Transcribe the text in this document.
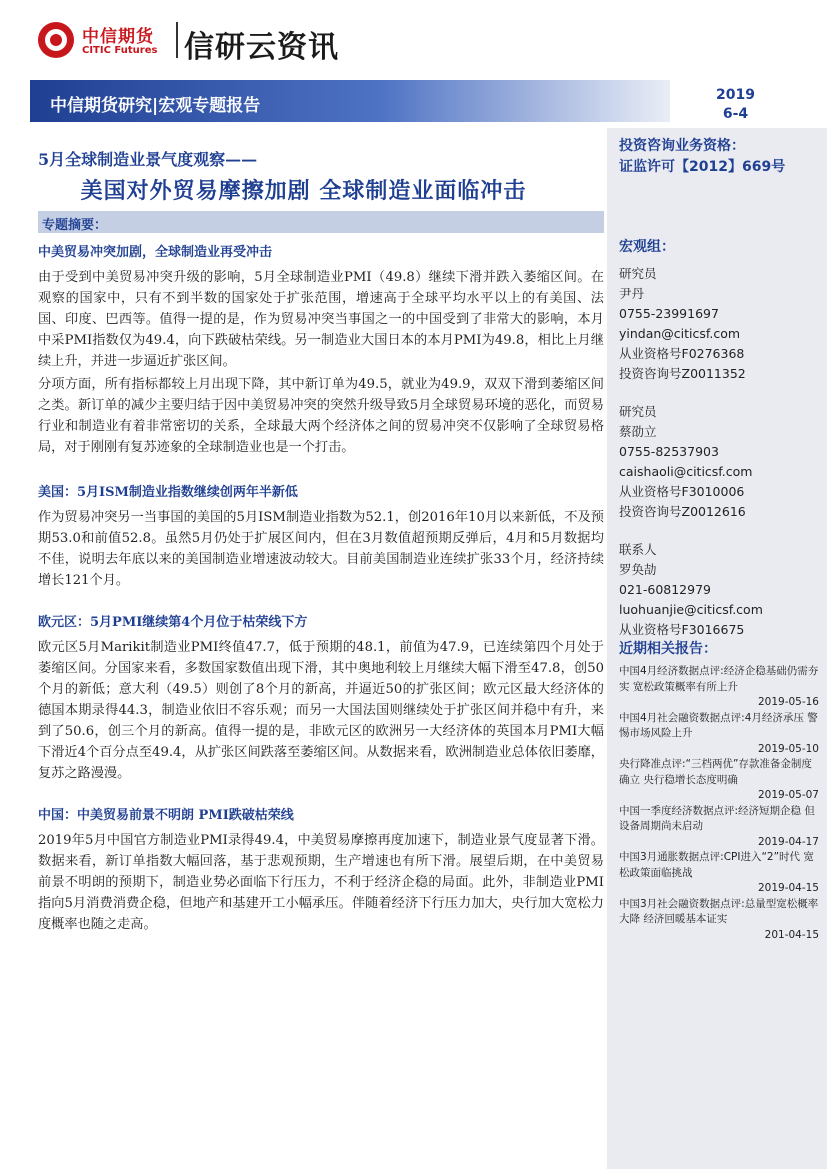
中信期货
CITIC Futures 信研云资讯
中信期货研究|宏观专题报告
2019
6-4
5月全球制造业景气度观察——
美国对外贸易摩擦加剧 全球制造业面临冲击
专题摘要：
中美贸易冲突加剧，全球制造业再受冲击

由于受到中美贸易冲突升级的影响，5月全球制造业PMI（49.8）继续下滑并跌入萎缩区间。在观察的国家中，只有不到半数的国家处于扩张范围，增速高于全球平均水平以上的有美国、法国、印度、巴西等。值得一提的是，作为贸易冲突当事国之一的中国受到了非常大的影响，本月中采PMI指数仅为49.4，向下跌破枯荣线。另一制造业大国日本的本月PMI为49.8，相比上月继续上升，并进一步逼近扩张区间。

分项方面，所有指标都较上月出现下降，其中新订单为49.5，就业为49.9，双双下滑到萎缩区间之类。新订单的减少主要归结于因中美贸易冲突的突然升级导致5月全球贸易环境的恶化，而贸易行业和制造业有着非常密切的关系，全球最大两个经济体之间的贸易冲突不仅影响了全球贸易格局，对于刚刚有复苏迹象的全球制造业也是一个打击。

美国：5月ISM制造业指数继续创两年半新低

作为贸易冲突另一当事国的美国的5月ISM制造业指数为52.1，创2016年10月以来新低，不及预期53.0和前值52.8。虽然5月仍处于扩展区间内，但在3月数值超预期反弹后，4月和5月数据均不佳，说明去年底以来的美国制造业增速波动较大。目前美国制造业连续扩张33个月，经济持续增长121个月。

欧元区：5月PMI继续第4个月位于枯荣线下方

欧元区5月Marikit制造业PMI终值47.7，低于预期的48.1，前值为47.9，已连续第四个月处于萎缩区间。分国家来看，多数国家数值出现下滑，其中奥地利较上月继续大幅下滑至47.8，创50个月的新低；意大利（49.5）则创了8个月的新高，并逼近50的扩张区间；欧元区最大经济体的德国本期录得44.3，制造业依旧不容乐观；而另一大国法国则继续处于扩张区间并稳中有升，来到了50.6，创三个月的新高。值得一提的是，非欧元区的欧洲另一大经济体的英国本月PMI大幅下滑近4个百分点至49.4，从扩张区间跌落至萎缩区间。从数据来看，欧洲制造业总体依旧萎靡，复苏之路漫漫。

中国：中美贸易前景不明朗 PMI跌破枯荣线

2019年5月中国官方制造业PMI录得49.4，中美贸易摩擦再度加速下，制造业景气度显著下滑。数据来看，新订单指数大幅回落，基于悲观预期，生产增速也有所下滑。展望后期，在中美贸易前景不明朗的预期下，制造业势必面临下行压力，不利于经济企稳的局面。此外，非制造业PMI指向5月消费消费企稳，但地产和基建开工小幅承压。伴随着经济下行压力加大，央行加大宽松力度概率也随之走高。

投资咨询业务资格：
证监许可【2012】669号
宏观组：
研究员
尹丹
0755-23991697
yindan@citicsf.com
从业资格号F0276368
投资咨询号Z0011352
研究员
蔡劭立
0755-82537903
caishaoli@citicsf.com
从业资格号F3010006
投资咨询号Z0012616
联系人
罗奂劼
021-60812979
luohuanjie@citicsf.com
从业资格号F3016675
近期相关报告：
中国4月经济数据点评:经济企稳基础仍需夯实 宽松政策概率有所上升
2019-05-16
中国4月社会融资数据点评:4月经济承压 警惕市场风险上升
2019-05-10
央行降准点评:“三档两优”存款准备金制度确立 央行稳增长态度明确
2019-05-07
中国一季度经济数据点评:经济短期企稳 但设备周期尚未启动
2019-04-17
中国3月通胀数据点评:CPI进入“2”时代 宽松政策面临挑战
2019-04-15
中国3月社会融资数据点评:总量型宽松概率大降 经济回暖基本证实
201-04-15
